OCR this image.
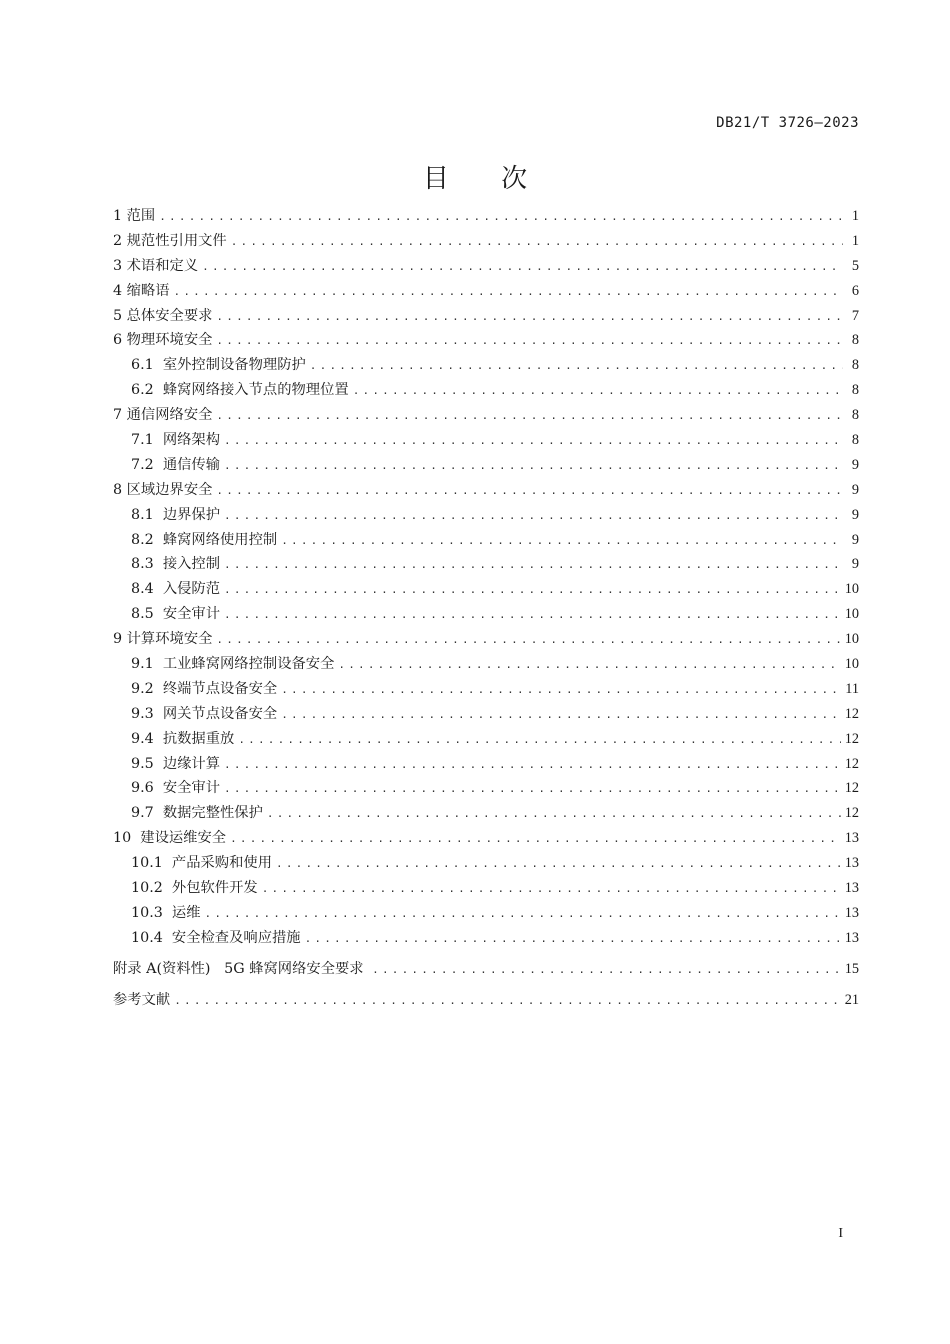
DB21/T 3726—2023
目 次
1 范围 .....	1
2 规范性引用文件 .....	1
3 术语和定义 .....	5
4 缩略语 .....	6
5 总体安全要求 .....	7
6 物理环境安全 .....	8
6.1  室外控制设备物理防护 .....	8
6.2  蜂窝网络接入节点的物理位置 .....	8
7 通信网络安全 .....	8
7.1  网络架构 .....	8
7.2  通信传输 .....	9
8 区域边界安全 .....	9
8.1  边界保护 .....	9
8.2  蜂窝网络使用控制 .....	9
8.3  接入控制 .....	9
8.4  入侵防范 .....	10
8.5  安全审计 .....	10
9 计算环境安全 .....	10
9.1  工业蜂窝网络控制设备安全 .....	10
9.2  终端节点设备安全 .....	11
9.3  网关节点设备安全 .....	12
9.4  抗数据重放 .....	12
9.5  边缘计算 .....	12
9.6  安全审计 .....	12
9.7  数据完整性保护 .....	12
10  建设运维安全 .....	13
10.1  产品采购和使用 .....	13
10.2  外包软件开发 .....	13
10.3  运维 .....	13
10.4  安全检查及响应措施 .....	13
附录 A(资料性)   5G 蜂窝网络安全要求 .....	15
参考文献 .....	21
I
